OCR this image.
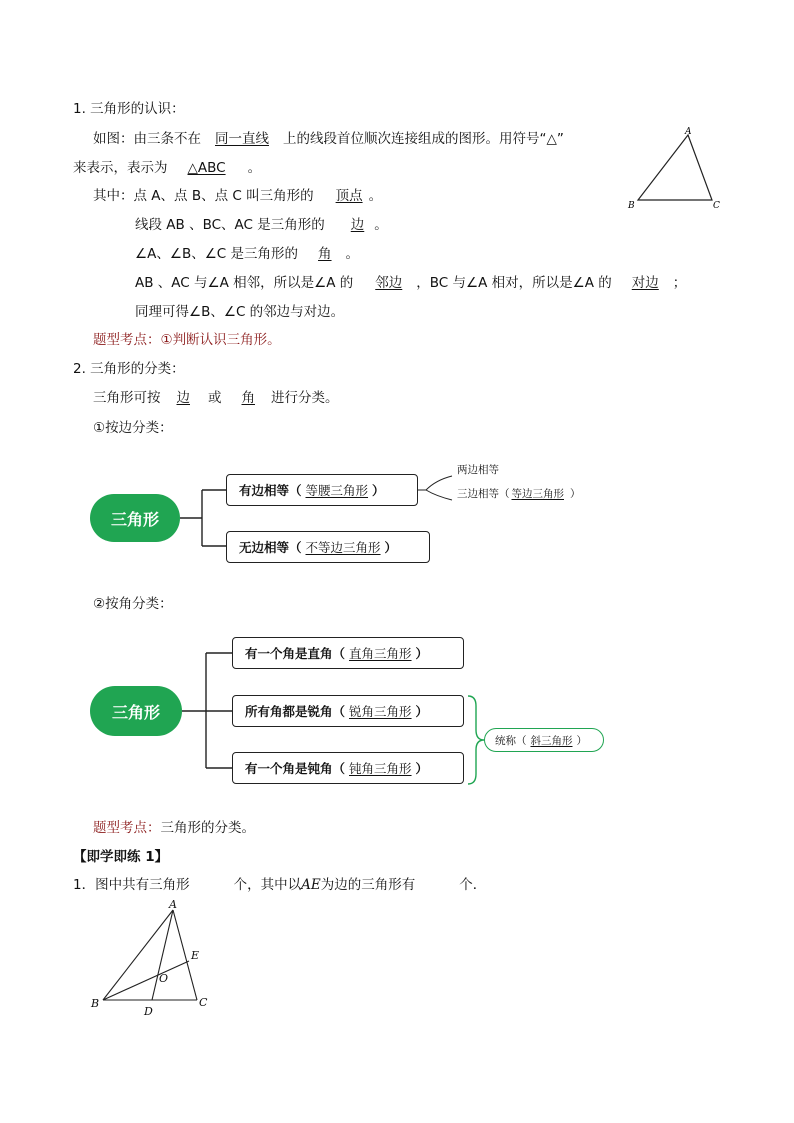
1. 三角形的认识：
如图：由三条不在 同一直线 上的线段首位顺次连接组成的图形。用符号“△”
来表示，表示为 △ABC 。
其中：点 A、点 B、点 C 叫三角形的 顶点 。
线段 AB 、BC、AC 是三角形的 边 。
∠A、∠B、∠C 是三角形的 角 。
AB 、AC 与∠A 相邻，所以是∠A 的 邻边 ，BC 与∠A 相对，所以是∠A 的 对边 ；
同理可得∠B、∠C 的邻边与对边。
题型考点：①判断认识三角形。
A
B	C
2. 三角形的分类：
三角形可按 边 或 角 进行分类。
①按边分类：
三角形
有边相等（ 等腰三角形 ）
无边相等（ 不等边三角形 ）
两边相等
三边相等（ 等边三角形 ）
②按角分类：
三角形
有一个角是直角（ 直角三角形 ）
所有角都是锐角（ 锐角三角形 ）
有一个角是钝角（ 钝角三角形 ）
统称（ 斜三角形 ）
题型考点：三角形的分类。
【即学即练 1】
1．图中共有三角形	个，其中以AE为边的三角形有	个．
A
B	C
D
E
O
